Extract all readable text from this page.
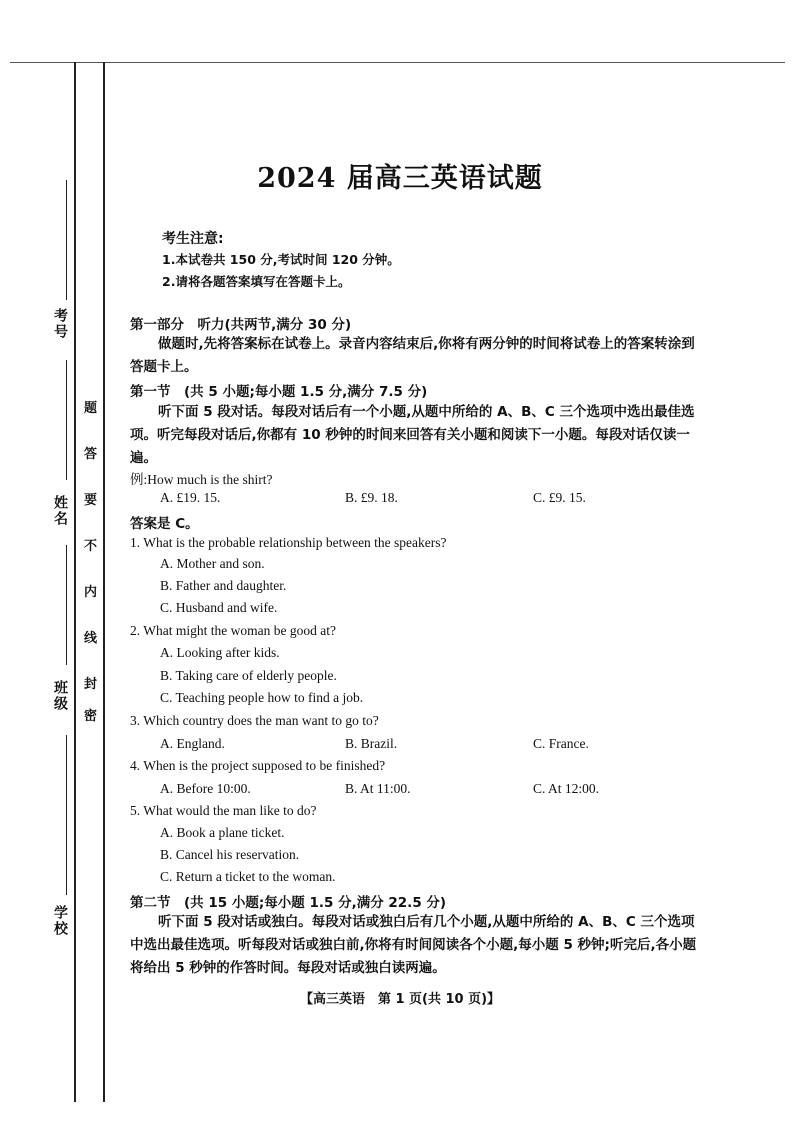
考号
姓名
班级
学校
题
答
要
不
内
线
封
密
2024 届高三英语试题
考生注意:
1.本试卷共 150 分,考试时间 120 分钟。
2.请将各题答案填写在答题卡上。
第一部分　听力(共两节,满分 30 分)
做题时,先将答案标在试卷上。录音内容结束后,你将有两分钟的时间将试卷上的答案转涂到答题卡上。
第一节　(共 5 小题;每小题 1.5 分,满分 7.5 分)
听下面 5 段对话。每段对话后有一个小题,从题中所给的 A、B、C 三个选项中选出最佳选项。听完每段对话后,你都有 10 秒钟的时间来回答有关小题和阅读下一小题。每段对话仅读一遍。
例:How much is the shirt?
A. £19. 15.	B. £9. 18.	C. £9. 15.
答案是 C。
1. What is the probable relationship between the speakers?
A. Mother and son.
B. Father and daughter.
C. Husband and wife.
2. What might the woman be good at?
A. Looking after kids.
B. Taking care of elderly people.
C. Teaching people how to find a job.
3. Which country does the man want to go to?
A. England.	B. Brazil.	C. France.
4. When is the project supposed to be finished?
A. Before 10:00.	B. At 11:00.	C. At 12:00.
5. What would the man like to do?
A. Book a plane ticket.
B. Cancel his reservation.
C. Return a ticket to the woman.
第二节　(共 15 小题;每小题 1.5 分,满分 22.5 分)
听下面 5 段对话或独白。每段对话或独白后有几个小题,从题中所给的 A、B、C 三个选项中选出最佳选项。听每段对话或独白前,你将有时间阅读各个小题,每小题 5 秒钟;听完后,各小题将给出 5 秒钟的作答时间。每段对话或独白读两遍。
【高三英语　第 1 页(共 10 页)】
